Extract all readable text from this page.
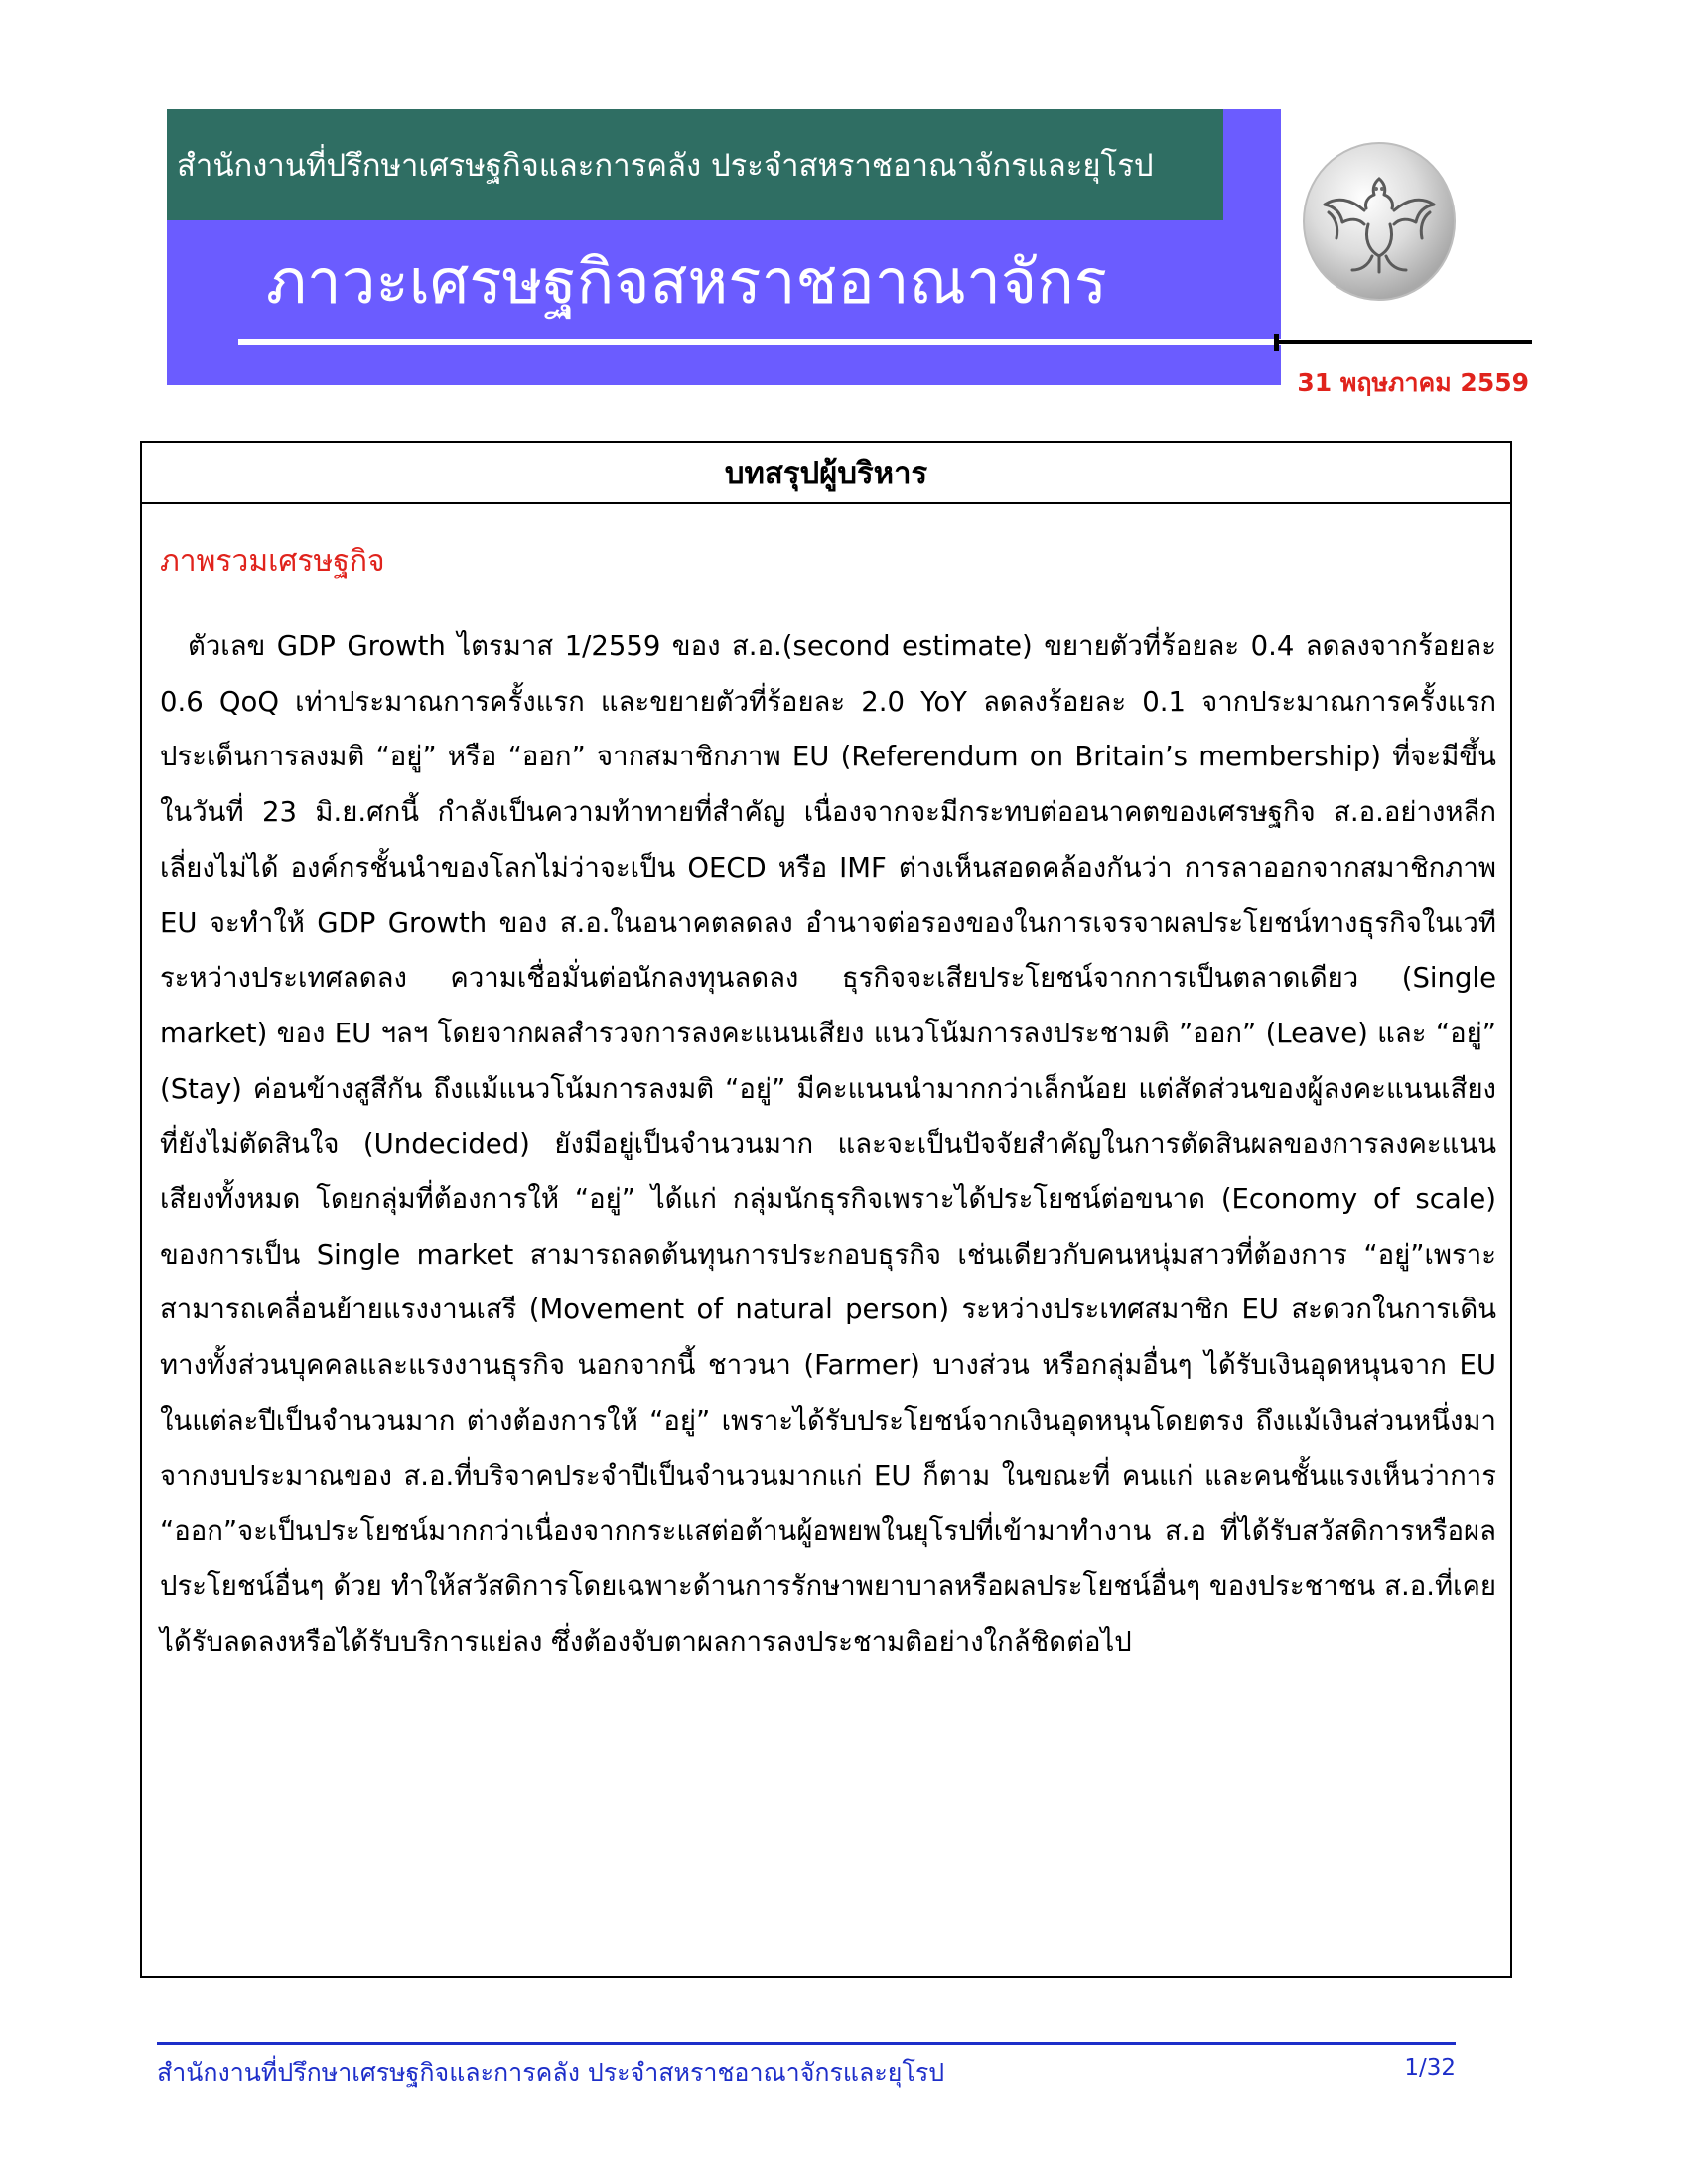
สำนักงานที่ปรึกษาเศรษฐกิจและการคลัง ประจำสหราชอาณาจักรและยุโรป
ภาวะเศรษฐกิจสหราชอาณาจักร
31 พฤษภาคม 2559
บทสรุปผู้บริหาร
ภาพรวมเศรษฐกิจ

ตัวเลข GDP Growth ไตรมาส 1/2559 ของ ส.อ.(second estimate) ขยายตัวที่ร้อยละ 0.4 ลดลงจากร้อยละ 0.6 QoQ เท่าประมาณการครั้งแรก และขยายตัวที่ร้อยละ 2.0 YoY ลดลงร้อยละ 0.1 จากประมาณการครั้งแรก ประเด็นการลงมติ “อยู่” หรือ “ออก” จากสมาชิกภาพ EU (Referendum on Britain’s membership) ที่จะมีขึ้นในวันที่ 23 มิ.ย.ศกนี้ กำลังเป็นความท้าทายที่สำคัญ เนื่องจากจะมีกระทบต่ออนาคตของเศรษฐกิจ ส.อ.อย่างหลีกเลี่ยงไม่ได้ องค์กรชั้นนำของโลกไม่ว่าจะเป็น OECD หรือ IMF ต่างเห็นสอดคล้องกันว่า การลาออกจากสมาชิกภาพ EU จะทำให้ GDP Growth ของ ส.อ.ในอนาคตลดลง อำนาจต่อรองของในการเจรจาผลประโยชน์ทางธุรกิจในเวทีระหว่างประเทศลดลง ความเชื่อมั่นต่อนักลงทุนลดลง ธุรกิจจะเสียประโยชน์จากการเป็นตลาดเดียว (Single market) ของ EU ฯลฯ โดยจากผลสำรวจการลงคะแนนเสียง แนวโน้มการลงประชามติ ”ออก” (Leave) และ “อยู่” (Stay) ค่อนข้างสูสีกัน ถึงแม้แนวโน้มการลงมติ “อยู่” มีคะแนนนำมากกว่าเล็กน้อย แต่สัดส่วนของผู้ลงคะแนนเสียงที่ยังไม่ตัดสินใจ (Undecided) ยังมีอยู่เป็นจำนวนมาก และจะเป็นปัจจัยสำคัญในการตัดสินผลของการลงคะแนนเสียงทั้งหมด โดยกลุ่มที่ต้องการให้ “อยู่” ได้แก่ กลุ่มนักธุรกิจเพราะได้ประโยชน์ต่อขนาด (Economy of scale) ของการเป็น Single market สามารถลดต้นทุนการประกอบธุรกิจ เช่นเดียวกับคนหนุ่มสาวที่ต้องการ “อยู่”เพราะสามารถเคลื่อนย้ายแรงงานเสรี (Movement of natural person) ระหว่างประเทศสมาชิก EU สะดวกในการเดินทางทั้งส่วนบุคคลและแรงงานธุรกิจ นอกจากนี้ ชาวนา (Farmer) บางส่วน หรือกลุ่มอื่นๆ ได้รับเงินอุดหนุนจาก EU ในแต่ละปีเป็นจำนวนมาก ต่างต้องการให้ “อยู่” เพราะได้รับประโยชน์จากเงินอุดหนุนโดยตรง ถึงแม้เงินส่วนหนึ่งมาจากงบประมาณของ ส.อ.ที่บริจาคประจำปีเป็นจำนวนมากแก่ EU ก็ตาม ในขณะที่ คนแก่ และคนชั้นแรงเห็นว่าการ “ออก”จะเป็นประโยชน์มากกว่าเนื่องจากกระแสต่อต้านผู้อพยพในยุโรปที่เข้ามาทำงาน ส.อ ที่ได้รับสวัสดิการหรือผลประโยชน์อื่นๆ ด้วย ทำให้สวัสดิการโดยเฉพาะด้านการรักษาพยาบาลหรือผลประโยชน์อื่นๆ ของประชาชน ส.อ.ที่เคยได้รับลดลงหรือได้รับบริการแย่ลง ซึ่งต้องจับตาผลการลงประชามติอย่างใกล้ชิดต่อไป

สำนักงานที่ปรึกษาเศรษฐกิจและการคลัง ประจำสหราชอาณาจักรและยุโรป	1/32
